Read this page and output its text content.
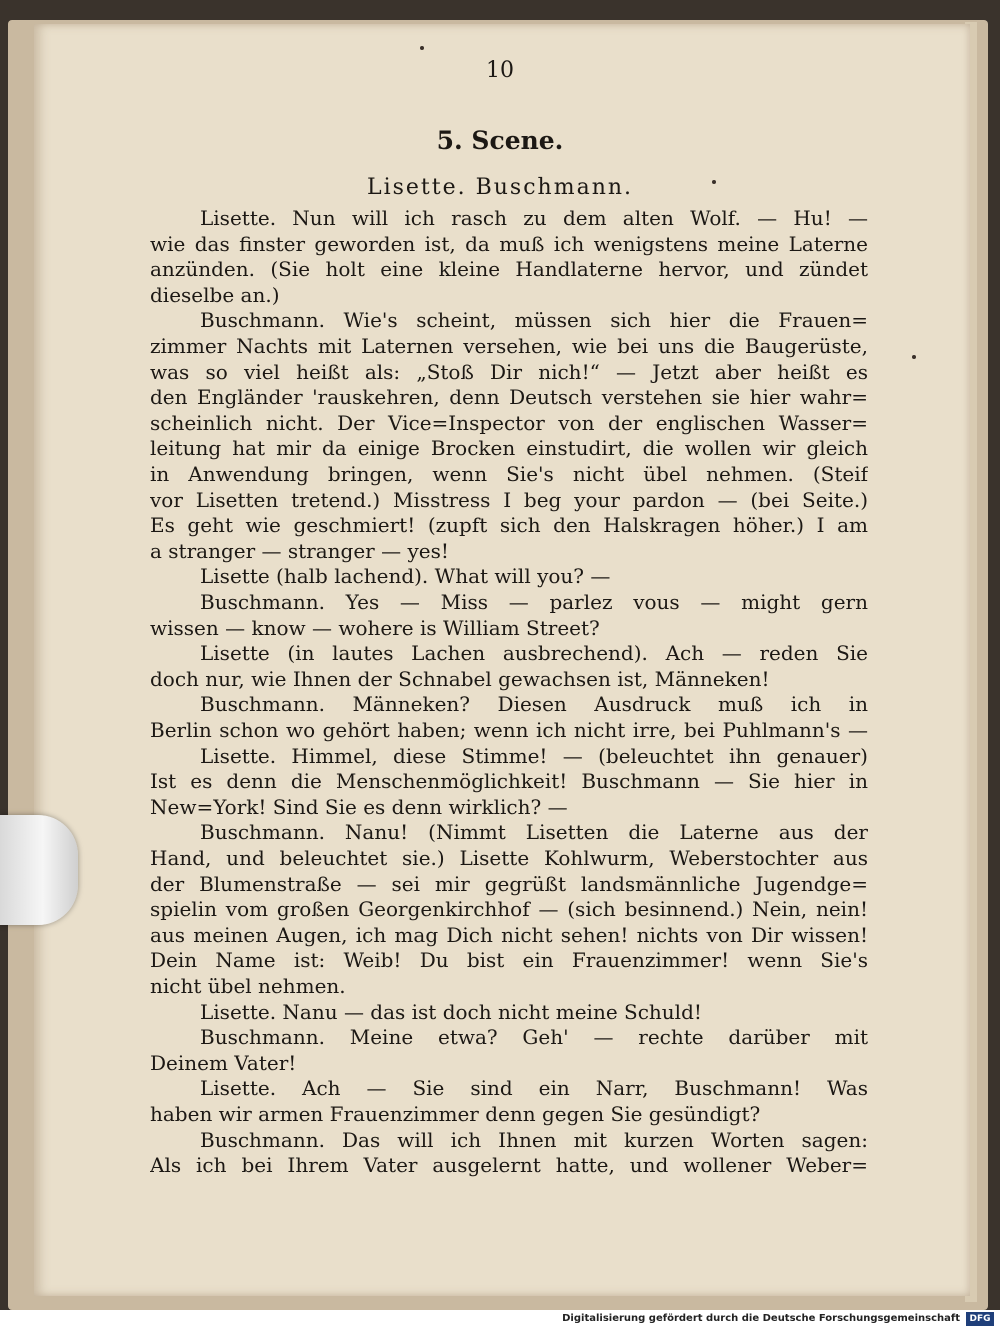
10
5. Scene.
Lisette. Buschmann.
Lisette. Nun will ich rasch zu dem alten Wolf. — Hu! —
wie das finster geworden ist, da muß ich wenigstens meine Laterne
anzünden. (Sie holt eine kleine Handlaterne hervor, und zündet
dieselbe an.)
Buschmann. Wie's scheint, müssen sich hier die Frauen=
zimmer Nachts mit Laternen versehen, wie bei uns die Baugerüste,
was so viel heißt als: „Stoß Dir nich!“ — Jetzt aber heißt es
den Engländer 'rauskehren, denn Deutsch verstehen sie hier wahr=
scheinlich nicht. Der Vice=Inspector von der englischen Wasser=
leitung hat mir da einige Brocken einstudirt, die wollen wir gleich
in Anwendung bringen, wenn Sie's nicht übel nehmen. (Steif
vor Lisetten tretend.) Misstress I beg your pardon — (bei Seite.)
Es geht wie geschmiert! (zupft sich den Halskragen höher.) I am
a stranger — stranger — yes!
Lisette (halb lachend). What will you? —
Buschmann. Yes — Miss — parlez vous — might gern
wissen — know — wohere is William Street?
Lisette (in lautes Lachen ausbrechend). Ach — reden Sie
doch nur, wie Ihnen der Schnabel gewachsen ist, Männeken!
Buschmann. Männeken? Diesen Ausdruck muß ich in
Berlin schon wo gehört haben; wenn ich nicht irre, bei Puhlmann's —
Lisette. Himmel, diese Stimme! — (beleuchtet ihn genauer)
Ist es denn die Menschenmöglichkeit! Buschmann — Sie hier in
New=York! Sind Sie es denn wirklich? —
Buschmann. Nanu! (Nimmt Lisetten die Laterne aus der
Hand, und beleuchtet sie.) Lisette Kohlwurm, Weberstochter aus
der Blumenstraße — sei mir gegrüßt landsmännliche Jugendge=
spielin vom großen Georgenkirchhof — (sich besinnend.) Nein, nein!
aus meinen Augen, ich mag Dich nicht sehen! nichts von Dir wissen!
Dein Name ist: Weib! Du bist ein Frauenzimmer! wenn Sie's
nicht übel nehmen.
Lisette. Nanu — das ist doch nicht meine Schuld!
Buschmann. Meine etwa? Geh' — rechte darüber mit
Deinem Vater!
Lisette. Ach — Sie sind ein Narr, Buschmann! Was
haben wir armen Frauenzimmer denn gegen Sie gesündigt?
Buschmann. Das will ich Ihnen mit kurzen Worten sagen:
Als ich bei Ihrem Vater ausgelernt hatte, und wollener Weber=
Digitalisierung gefördert durch die Deutsche Forschungsgemeinschaft	DFG
